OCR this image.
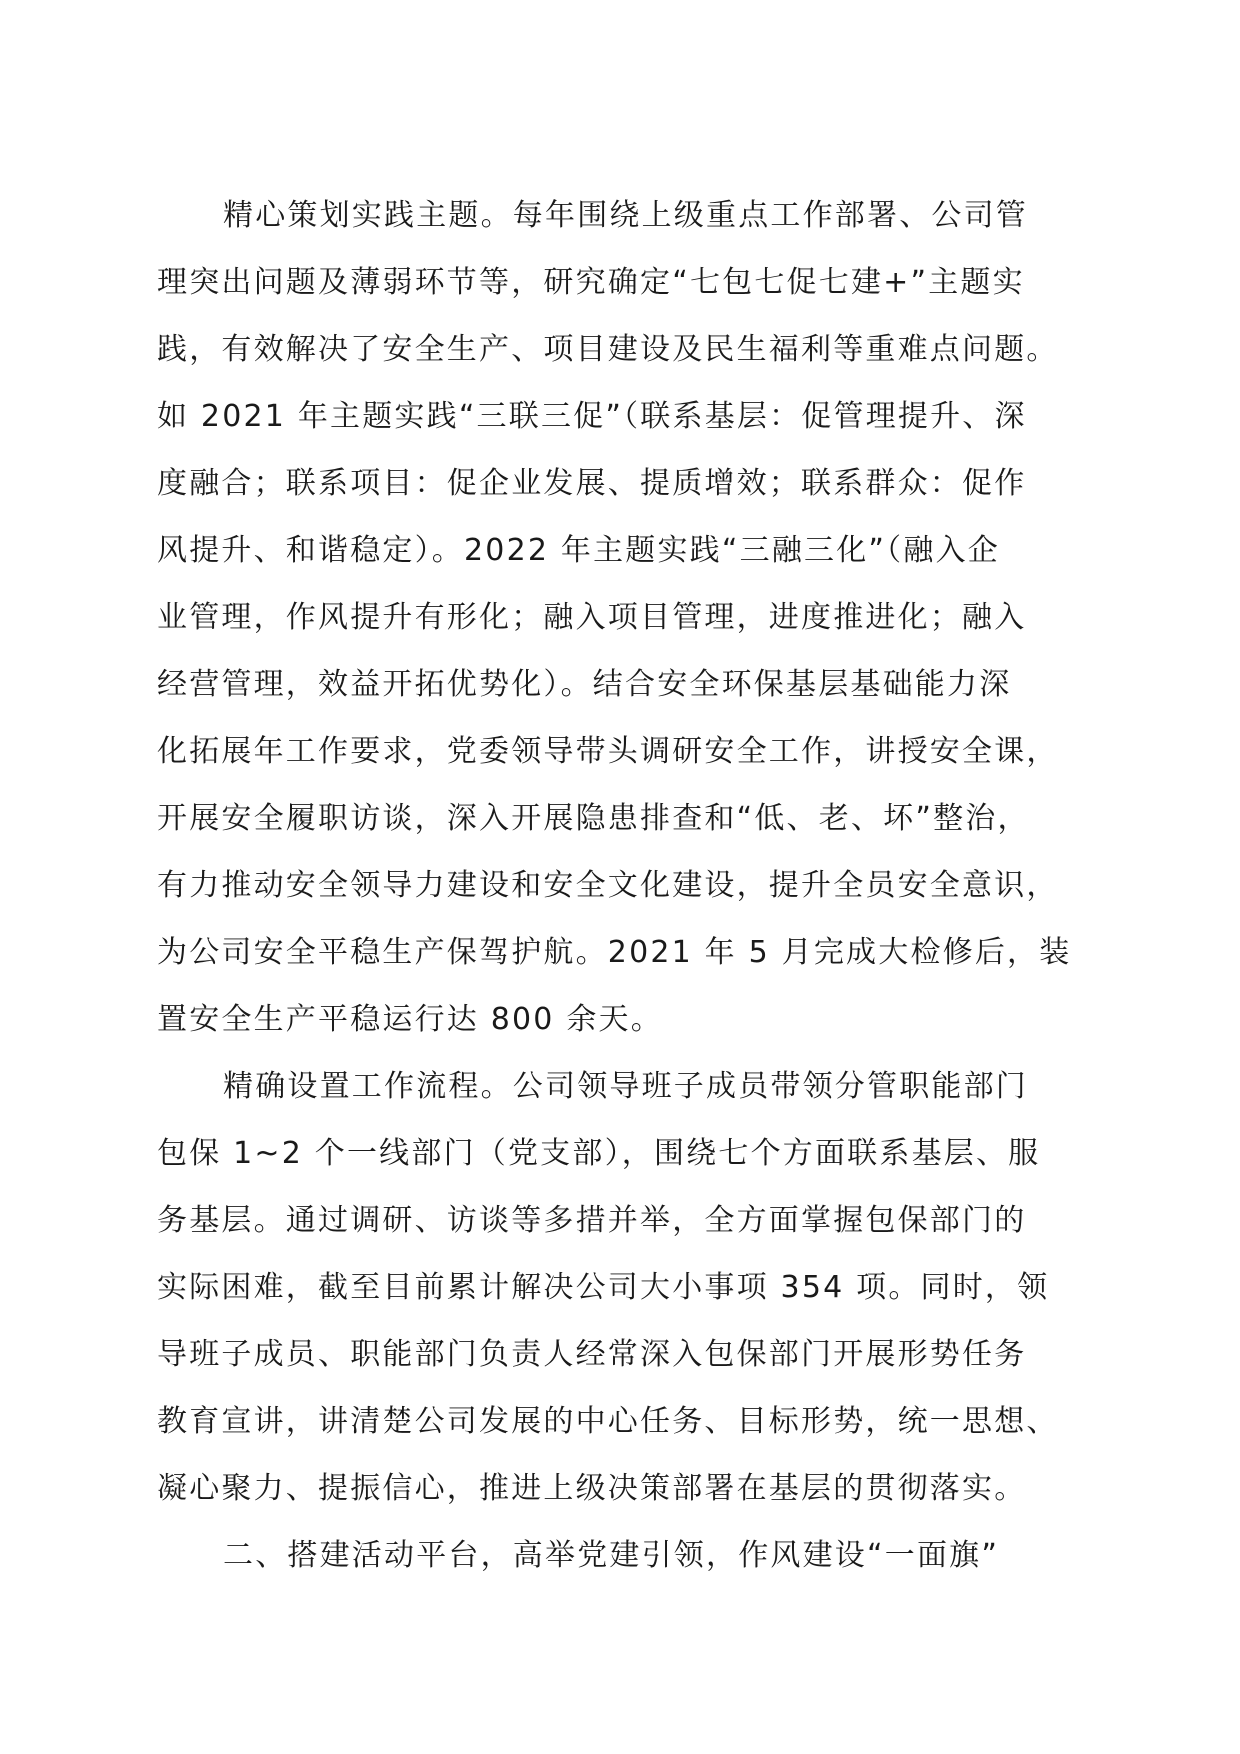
精心策划实践主题。每年围绕上级重点工作部署、公司管
理突出问题及薄弱环节等，研究确定“七包七促七建+”主题实
践，有效解决了安全生产、项目建设及民生福利等重难点问题。
如 2021 年主题实践“三联三促”（联系基层：促管理提升、深
度融合；联系项目：促企业发展、提质增效；联系群众：促作
风提升、和谐稳定）。2022 年主题实践“三融三化”（融入企
业管理，作风提升有形化；融入项目管理，进度推进化；融入
经营管理，效益开拓优势化）。结合安全环保基层基础能力深
化拓展年工作要求，党委领导带头调研安全工作，讲授安全课，
开展安全履职访谈，深入开展隐患排查和“低、老、坏”整治，
有力推动安全领导力建设和安全文化建设，提升全员安全意识，
为公司安全平稳生产保驾护航。2021 年 5 月完成大检修后，装
置安全生产平稳运行达 800 余天。

精确设置工作流程。公司领导班子成员带领分管职能部门
包保 1~2 个一线部门（党支部），围绕七个方面联系基层、服
务基层。通过调研、访谈等多措并举，全方面掌握包保部门的
实际困难，截至目前累计解决公司大小事项 354 项。同时，领
导班子成员、职能部门负责人经常深入包保部门开展形势任务
教育宣讲，讲清楚公司发展的中心任务、目标形势，统一思想、
凝心聚力、提振信心，推进上级决策部署在基层的贯彻落实。

二、搭建活动平台，高举党建引领，作风建设“一面旗”
